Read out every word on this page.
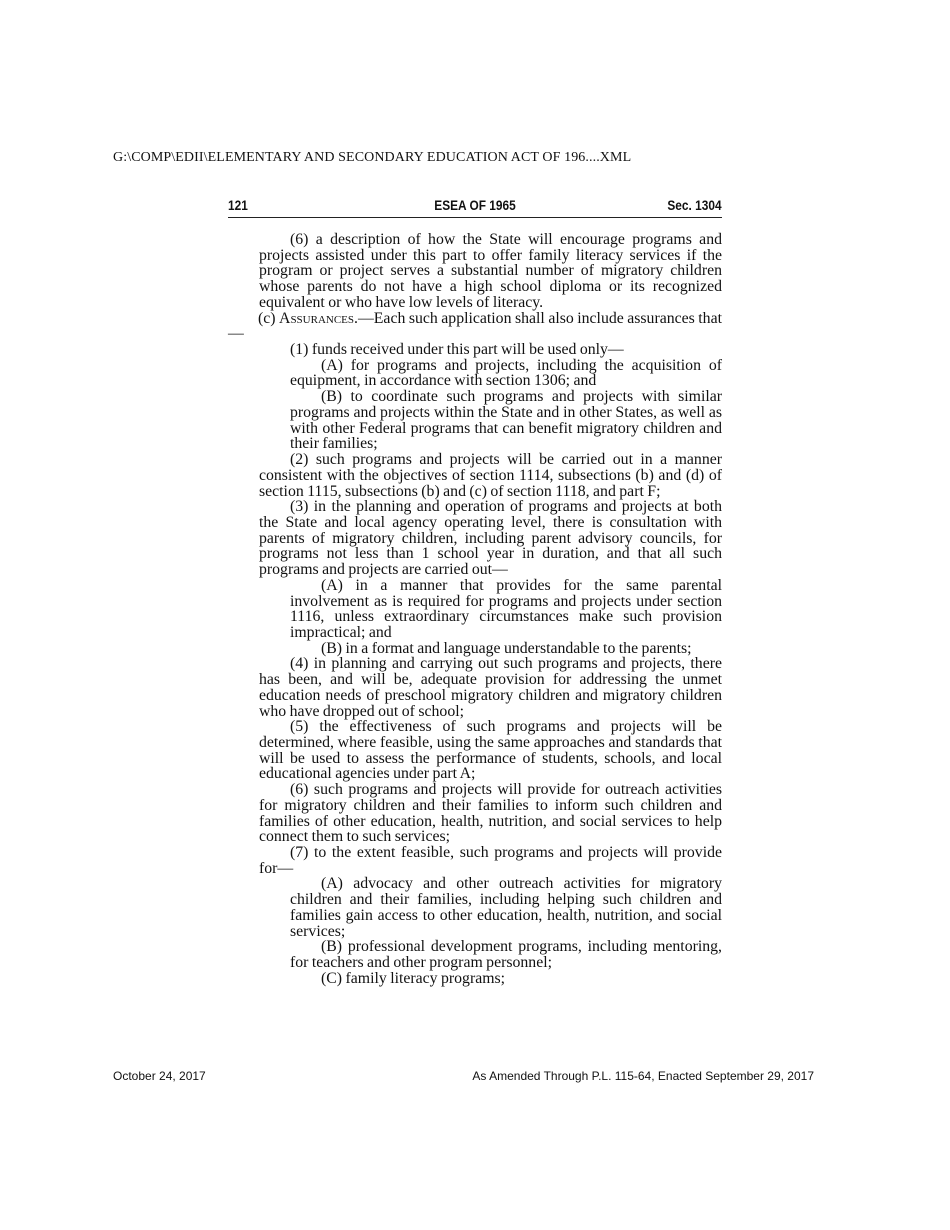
G:\COMP\EDII\ELEMENTARY AND SECONDARY EDUCATION ACT OF 196....XML
121	ESEA OF 1965	Sec. 1304

(6) a description of how the State will encourage programs and projects assisted under this part to offer family literacy services if the program or project serves a substantial number of migratory children whose parents do not have a high school diploma or its recognized equivalent or who have low levels of literacy.

(c) Assurances.—Each such application shall also include assurances that—

(1) funds received under this part will be used only—

(A) for programs and projects, including the acquisition of equipment, in accordance with section 1306; and

(B) to coordinate such programs and projects with similar programs and projects within the State and in other States, as well as with other Federal programs that can benefit migratory children and their families;

(2) such programs and projects will be carried out in a manner consistent with the objectives of section 1114, subsections (b) and (d) of section 1115, subsections (b) and (c) of section 1118, and part F;

(3) in the planning and operation of programs and projects at both the State and local agency operating level, there is consultation with parents of migratory children, including parent advisory councils, for programs not less than 1 school year in duration, and that all such programs and projects are carried out—

(A) in a manner that provides for the same parental involvement as is required for programs and projects under section 1116, unless extraordinary circumstances make such provision impractical; and

(B) in a format and language understandable to the parents;

(4) in planning and carrying out such programs and projects, there has been, and will be, adequate provision for addressing the unmet education needs of preschool migratory children and migratory children who have dropped out of school;

(5) the effectiveness of such programs and projects will be determined, where feasible, using the same approaches and standards that will be used to assess the performance of students, schools, and local educational agencies under part A;

(6) such programs and projects will provide for outreach activities for migratory children and their families to inform such children and families of other education, health, nutrition, and social services to help connect them to such services;

(7) to the extent feasible, such programs and projects will provide for—

(A) advocacy and other outreach activities for migratory children and their families, including helping such children and families gain access to other education, health, nutrition, and social services;

(B) professional development programs, including mentoring, for teachers and other program personnel;

(C) family literacy programs;

October 24, 2017	As Amended Through P.L. 115-64, Enacted September 29, 2017
